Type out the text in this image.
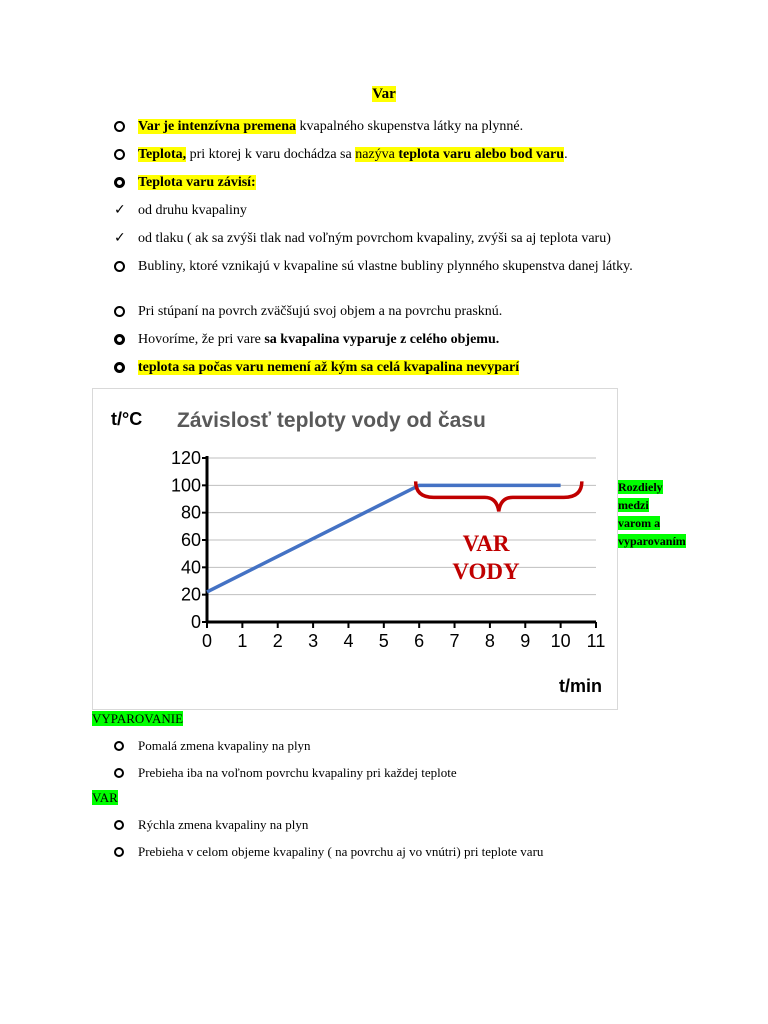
Var
Var je intenzívna premena kvapalného skupenstva látky na plynné.
Teplota, pri ktorej k varu dochádza sa nazýva teplota varu alebo bod varu.
Teplota varu závisí:
✓ od druhu kvapaliny
✓ od tlaku ( ak sa zvýši tlak nad voľným povrchom kvapaliny, zvýši sa aj teplota varu)
Bubliny, ktoré vznikajú v kvapaline sú vlastne bubliny plynného skupenstva danej látky.
Pri stúpaní na povrch zväčšujú svoj objem a na povrchu prasknú.
Hovoríme, že pri vare sa kvapalina vyparuje z celého objemu.
teplota sa počas varu nemení až kým sa celá kvapalina nevyparí
Závislosť teploty vody od času
t/°C
t/min
0
20
40
60
80
100
120
0 1 2 3 4 5 6 7 8 9 10 11
VAR
VODY
Rozdiely medzi varom a vyparovaním
VYPAROVANIE
Pomalá zmena kvapaliny na plyn
Prebieha iba na voľnom povrchu kvapaliny pri každej teplote
VAR
Rýchla zmena kvapaliny na plyn
Prebieha v celom objeme kvapaliny ( na povrchu aj vo vnútri) pri teplote varu
